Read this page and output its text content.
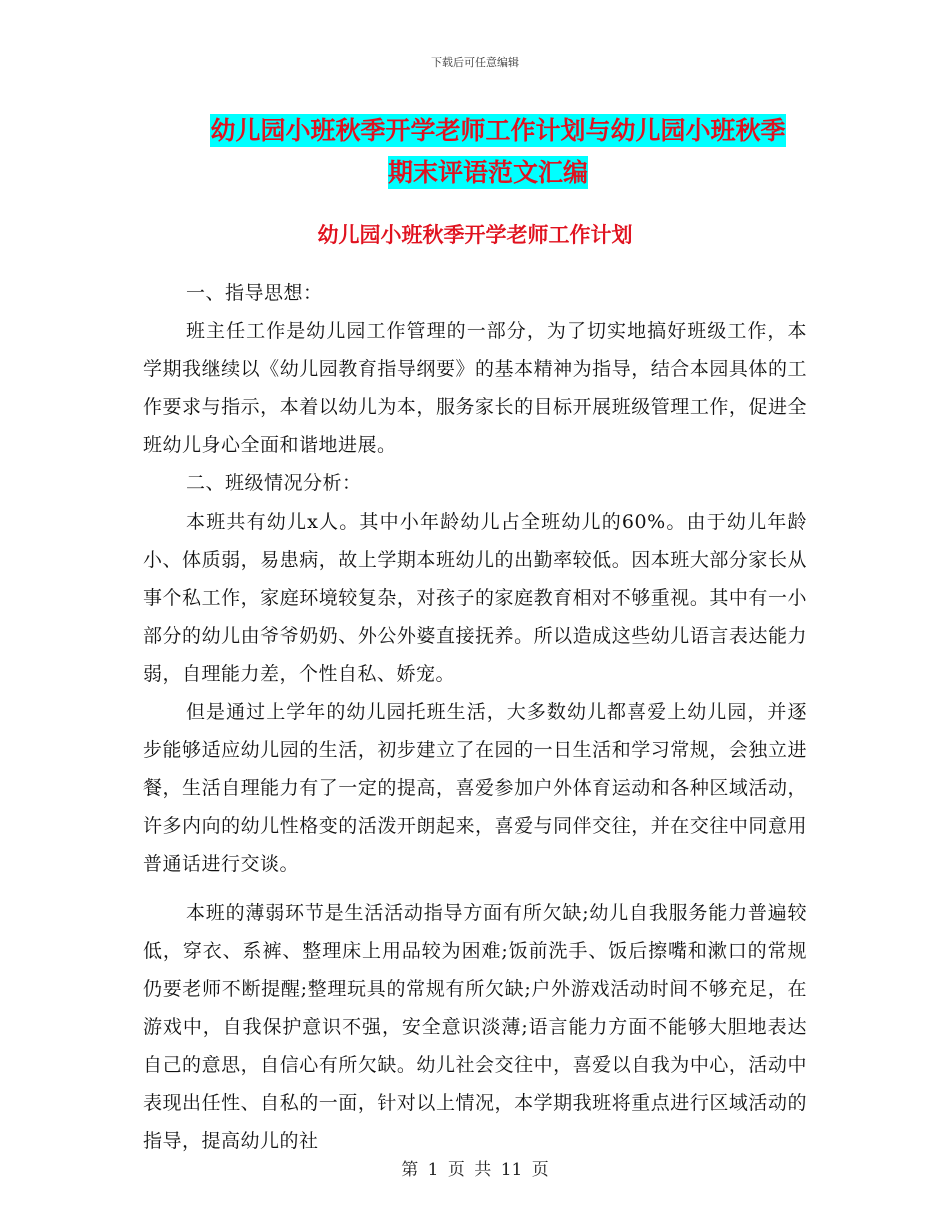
下载后可任意编辑
幼儿园小班秋季开学老师工作计划与幼儿园小班秋季
期末评语范文汇编
幼儿园小班秋季开学老师工作计划

一、指导思想：

班主任工作是幼儿园工作管理的一部分，为了切实地搞好班级工作，本学期我继续以《幼儿园教育指导纲要》的基本精神为指导，结合本园具体的工作要求与指示，本着以幼儿为本，服务家长的目标开展班级管理工作，促进全班幼儿身心全面和谐地进展。

二、班级情况分析：

本班共有幼儿x人。其中小年龄幼儿占全班幼儿的60%。由于幼儿年龄小、体质弱，易患病，故上学期本班幼儿的出勤率较低。因本班大部分家长从事个私工作，家庭环境较复杂，对孩子的家庭教育相对不够重视。其中有一小部分的幼儿由爷爷奶奶、外公外婆直接抚养。所以造成这些幼儿语言表达能力弱，自理能力差，个性自私、娇宠。

但是通过上学年的幼儿园托班生活，大多数幼儿都喜爱上幼儿园，并逐步能够适应幼儿园的生活，初步建立了在园的一日生活和学习常规，会独立进餐，生活自理能力有了一定的提高，喜爱参加户外体育运动和各种区域活动，许多内向的幼儿性格变的活泼开朗起来，喜爱与同伴交往，并在交往中同意用普通话进行交谈。

本班的薄弱环节是生活活动指导方面有所欠缺;幼儿自我服务能力普遍较低，穿衣、系裤、整理床上用品较为困难;饭前洗手、饭后擦嘴和漱口的常规仍要老师不断提醒;整理玩具的常规有所欠缺;户外游戏活动时间不够充足，在游戏中，自我保护意识不强，安全意识淡薄;语言能力方面不能够大胆地表达自己的意思，自信心有所欠缺。幼儿社会交往中，喜爱以自我为中心，活动中表现出任性、自私的一面，针对以上情况，本学期我班将重点进行区域活动的指导，提高幼儿的社

第 1 页 共 11 页
